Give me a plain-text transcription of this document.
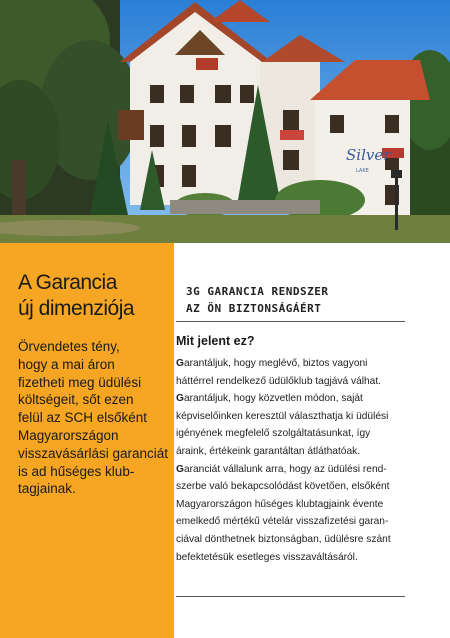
Silver
LAKE
A Garancia
új dimenziója
Örvendetes tény,
hogy a mai áron
fizetheti meg üdülési
költségeit, sőt ezen
felül az SCH elsőként
Magyarországon
visszavásárlási garanciát
is ad hűséges klub-
tagjainak.
3G GARANCIA RENDSZER
AZ ÖN BIZTONSÁGÁÉRT
Mit jelent ez?
Garantáljuk, hogy meglévő, biztos vagyoni
háttérrel rendelkező üdülőklub tagjává válhat.
Garantáljuk, hogy közvetlen módon, saját
képviselőinken keresztül választhatja ki üdülési
igényének megfelelő szolgáltatásunkat, így
áraink, értékeink garantáltan átláthatóak.
Garanciát vállalunk arra, hogy az üdülési rend-
szerbe való bekapcsolódást követően, elsőként
Magyarországon hűséges klubtagjaink évente
emelkedő mértékű vételár visszafizetési garan-
ciával dönthetnek biztonságban, üdülésre szánt
befektetésük esetleges visszaváltásáról.
